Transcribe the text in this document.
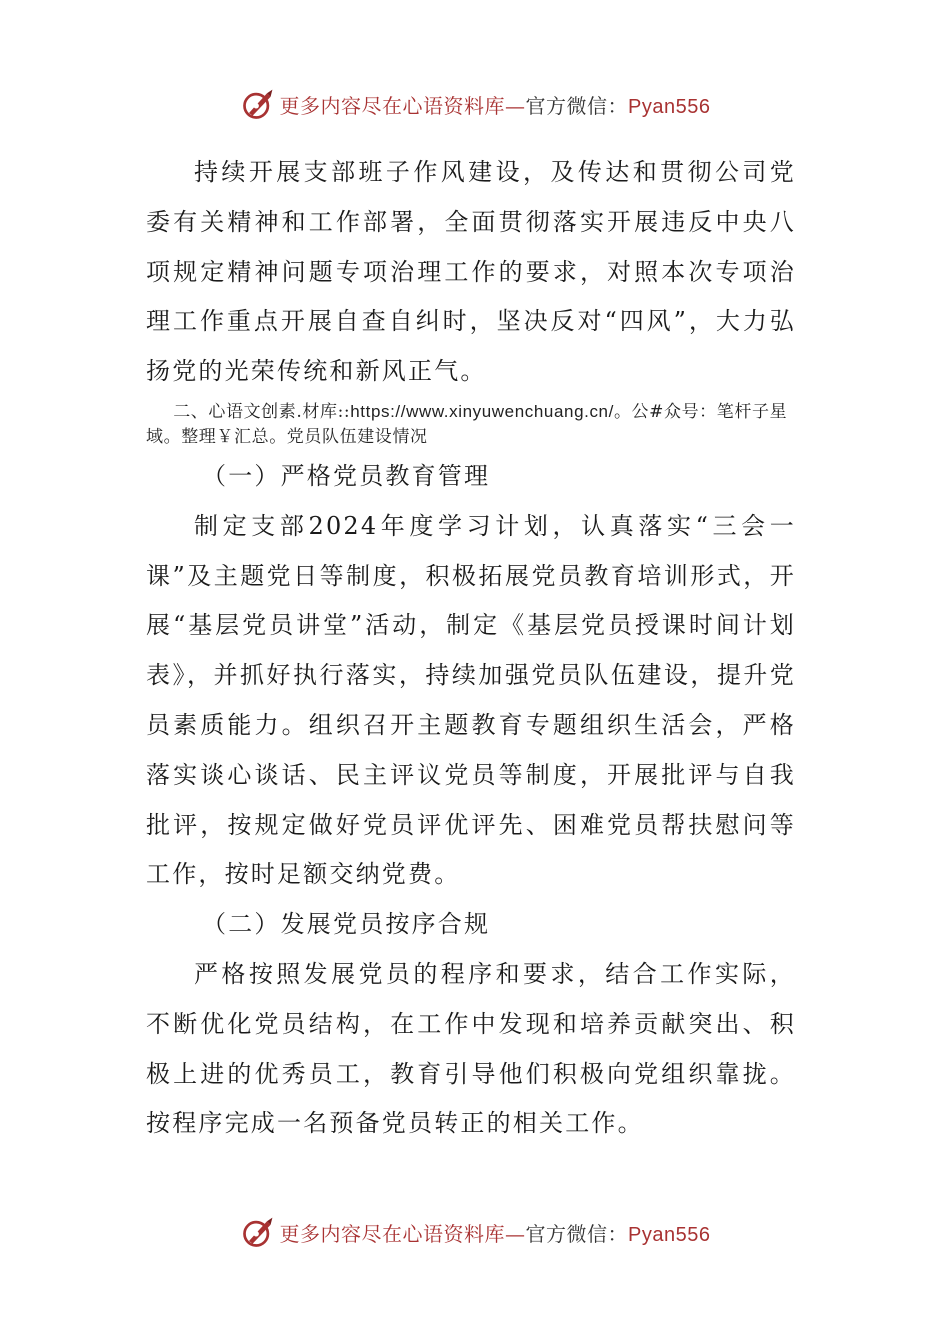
更多内容尽在心语资料库—官方微信：Pyan556

持续开展支部班子作风建设，及传达和贯彻公司党委有关精神和工作部署，全面贯彻落实开展违反中央八项规定精神问题专项治理工作的要求，对照本次专项治理工作重点开展自查自纠时，坚决反对“四风”，大力弘扬党的光荣传统和新风正气。

二、心语文创素.材库::https://www.xinyuwenchuang.cn/。公#众号：笔杆子星域。整理￥汇总。党员队伍建设情况

（一）严格党员教育管理

制定支部2024年度学习计划，认真落实“三会一课”及主题党日等制度，积极拓展党员教育培训形式，开展“基层党员讲堂”活动，制定《基层党员授课时间计划表》，并抓好执行落实，持续加强党员队伍建设，提升党员素质能力。组织召开主题教育专题组织生活会，严格落实谈心谈话、民主评议党员等制度，开展批评与自我批评，按规定做好党员评优评先、困难党员帮扶慰问等工作，按时足额交纳党费。

（二）发展党员按序合规

严格按照发展党员的程序和要求，结合工作实际，不断优化党员结构，在工作中发现和培养贡献突出、积极上进的优秀员工，教育引导他们积极向党组织靠拢。按程序完成一名预备党员转正的相关工作。

更多内容尽在心语资料库—官方微信：Pyan556
